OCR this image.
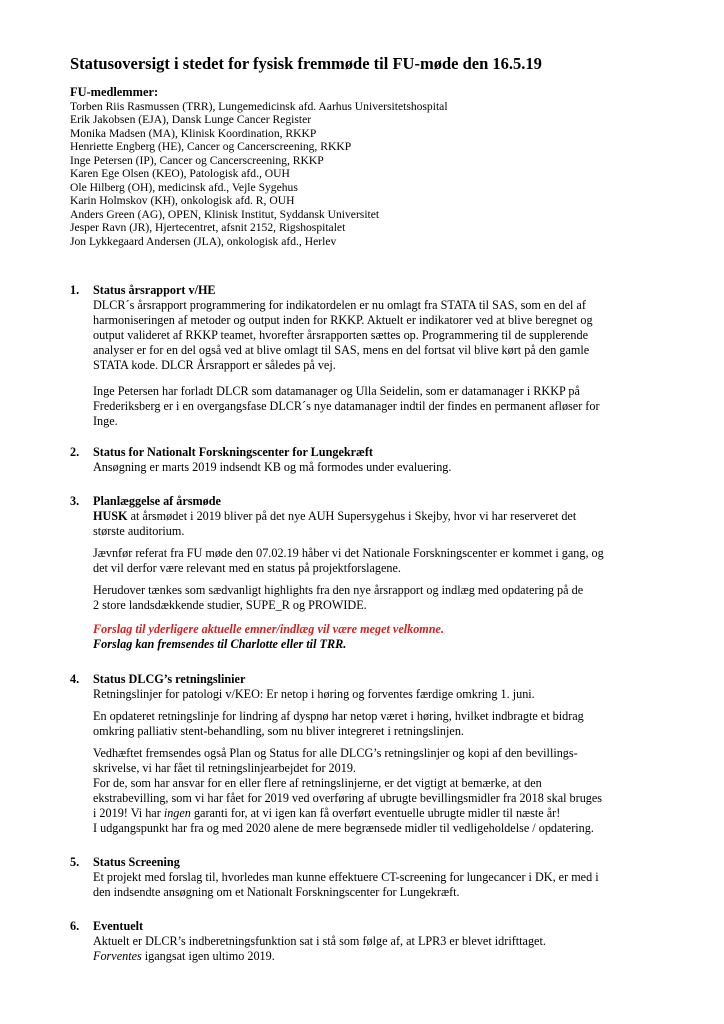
Statusoversigt i stedet for fysisk fremmøde til FU-møde den 16.5.19
FU-medlemmer:
Torben Riis Rasmussen (TRR), Lungemedicinsk afd. Aarhus Universitetshospital
Erik Jakobsen (EJA), Dansk Lunge Cancer Register
Monika Madsen (MA), Klinisk Koordination, RKKP
Henriette Engberg (HE), Cancer og Cancerscreening, RKKP
Inge Petersen (IP), Cancer og Cancerscreening, RKKP
Karen Ege Olsen (KEO), Patologisk afd., OUH
Ole Hilberg (OH), medicinsk afd., Vejle Sygehus
Karin Holmskov (KH), onkologisk afd. R, OUH
Anders Green (AG), OPEN, Klinisk Institut, Syddansk Universitet
Jesper Ravn (JR), Hjertecentret, afsnit 2152, Rigshospitalet
Jon Lykkegaard Andersen (JLA), onkologisk afd., Herlev
1. Status årsrapport v/HE
DLCR´s årsrapport programmering for indikatordelen er nu omlagt fra STATA til SAS, som en del af
harmoniseringen af metoder og output inden for RKKP. Aktuelt er indikatorer ved at blive beregnet og
output valideret af RKKP teamet, hvorefter årsrapporten sættes op. Programmering til de supplerende
analyser er for en del også ved at blive omlagt til SAS, mens en del fortsat vil blive kørt på den gamle
STATA kode. DLCR Årsrapport er således på vej.
Inge Petersen har forladt DLCR som datamanager og Ulla Seidelin, som er datamanager i RKKP på
Frederiksberg er i en overgangsfase DLCR´s nye datamanager indtil der findes en permanent afløser for
Inge.
2. Status for Nationalt Forskningscenter for Lungekræft
Ansøgning er marts 2019 indsendt KB og må formodes under evaluering.
3. Planlæggelse af årsmøde
HUSK at årsmødet i 2019 bliver på det nye AUH Supersygehus i Skejby, hvor vi har reserveret det
største auditorium.
Jævnfør referat fra FU møde den 07.02.19 håber vi det Nationale Forskningscenter er kommet i gang, og
det vil derfor være relevant med en status på projektforslagene.
Herudover tænkes som sædvanligt highlights fra den nye årsrapport og indlæg med opdatering på de
2 store landsdækkende studier, SUPE_R og PROWIDE.
Forslag til yderligere aktuelle emner/indlæg vil være meget velkomne.
Forslag kan fremsendes til Charlotte eller til TRR.
4. Status DLCG’s retningslinier
Retningslinjer for patologi v/KEO: Er netop i høring og forventes færdige omkring 1. juni.
En opdateret retningslinje for lindring af dyspnø har netop været i høring, hvilket indbragte et bidrag
omkring palliativ stent-behandling, som nu bliver integreret i retningslinjen.
Vedhæftet fremsendes også Plan og Status for alle DLCG’s retningslinjer og kopi af den bevillings-
skrivelse, vi har fået til retningslinjearbejdet for 2019.
For de, som har ansvar for en eller flere af retningslinjerne, er det vigtigt at bemærke, at den
ekstrabevilling, som vi har fået for 2019 ved overføring af ubrugte bevillingsmidler fra 2018 skal bruges
i 2019! Vi har ingen garanti for, at vi igen kan få overført eventuelle ubrugte midler til næste år!
I udgangspunkt har fra og med 2020 alene de mere begrænsede midler til vedligeholdelse / opdatering.
5. Status Screening
Et projekt med forslag til, hvorledes man kunne effektuere CT-screening for lungecancer i DK, er med i
den indsendte ansøgning om et Nationalt Forskningscenter for Lungekræft.
6. Eventuelt
Aktuelt er DLCR’s indberetningsfunktion sat i stå som følge af, at LPR3 er blevet idrifttaget.
Forventes igangsat igen ultimo 2019.
